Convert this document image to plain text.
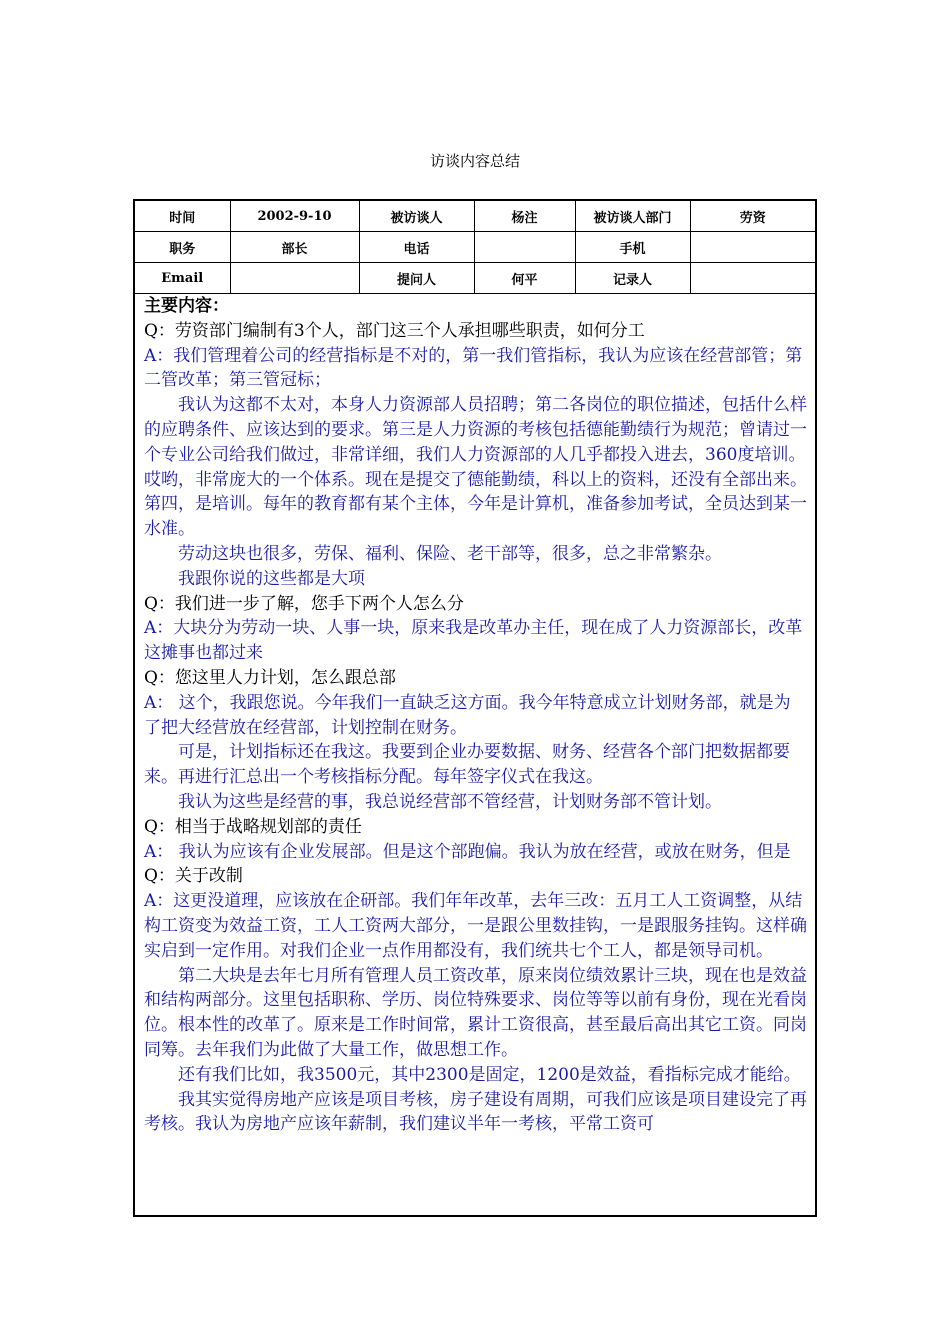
访谈内容总结
时间	2002-9-10	被访谈人	杨注	被访谈人部门	劳资
职务	部长	电话		手机	
Email		提问人	何平	记录人	

主要内容：

Q：劳资部门编制有3个人，部门这三个人承担哪些职责，如何分工

A：我们管理着公司的经营指标是不对的，第一我们管指标，我认为应该在经营部管；第二管改革；第三管冠标；

我认为这都不太对，本身人力资源部人员招聘；第二各岗位的职位描述，包括什么样的应聘条件、应该达到的要求。第三是人力资源的考核包括德能勤绩行为规范；曾请过一个专业公司给我们做过，非常详细，我们人力资源部的人几乎都投入进去，360度培训。哎哟，非常庞大的一个体系。现在是提交了德能勤绩，科以上的资料，还没有全部出来。第四，是培训。每年的教育都有某个主体，今年是计算机，准备参加考试，全员达到某一水准。

劳动这块也很多，劳保、福利、保险、老干部等，很多，总之非常繁杂。

我跟你说的这些都是大项

Q：我们进一步了解，您手下两个人怎么分

A：大块分为劳动一块、人事一块，原来我是改革办主任，现在成了人力资源部长，改革这摊事也都过来

Q：您这里人力计划，怎么跟总部

A： 这个，我跟您说。今年我们一直缺乏这方面。我今年特意成立计划财务部，就是为了把大经营放在经营部，计划控制在财务。

可是，计划指标还在我这。我要到企业办要数据、财务、经营各个部门把数据都要来。再进行汇总出一个考核指标分配。每年签字仪式在我这。

我认为这些是经营的事，我总说经营部不管经营，计划财务部不管计划。

Q：相当于战略规划部的责任

A： 我认为应该有企业发展部。但是这个部跑偏。我认为放在经营，或放在财务，但是

Q：关于改制

A：这更没道理，应该放在企研部。我们年年改革，去年三改：五月工人工资调整，从结构工资变为效益工资，工人工资两大部分，一是跟公里数挂钩，一是跟服务挂钩。这样确实启到一定作用。对我们企业一点作用都没有，我们统共七个工人，都是领导司机。

第二大块是去年七月所有管理人员工资改革，原来岗位绩效累计三块，现在也是效益和结构两部分。这里包括职称、学历、岗位特殊要求、岗位等等以前有身份，现在光看岗位。根本性的改革了。原来是工作时间常，累计工资很高，甚至最后高出其它工资。同岗同筹。去年我们为此做了大量工作，做思想工作。

还有我们比如，我3500元，其中2300是固定，1200是效益，看指标完成才能给。

我其实觉得房地产应该是项目考核，房子建设有周期，可我们应该是项目建设完了再考核。我认为房地产应该年薪制，我们建议半年一考核，平常工资可
